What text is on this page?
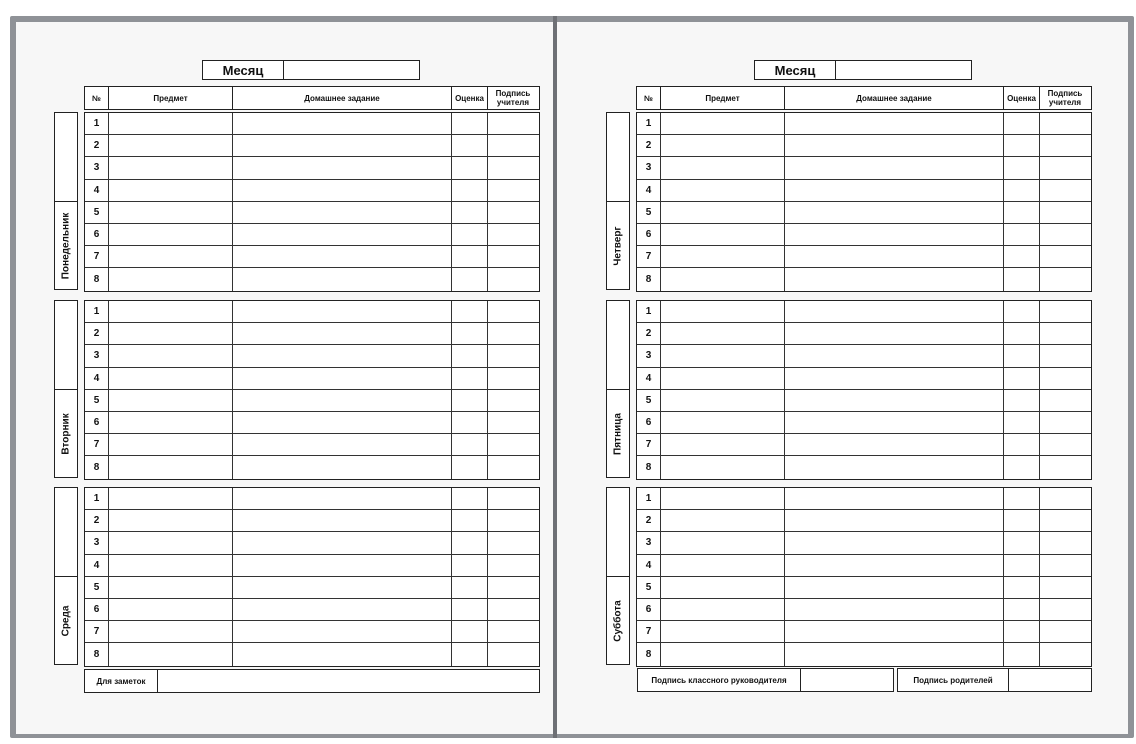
Месяц	Месяц
№	Предмет	Домашнее задание	Оценка	Подпись учителя	№	Предмет	Домашнее задание	Оценка	Подпись учителя
Понедельник
1
2
3
4
5
6
7
8
Вторник
1
2
3
4
5
6
7
8
Среда
1
2
3
4
5
6
7
8
Четверг
1
2
3
4
5
6
7
8
Пятница
1
2
3
4
5
6
7
8
Суббота
1
2
3
4
5
6
7
8
Для заметок	Подпись классного руководителя	Подпись родителей
